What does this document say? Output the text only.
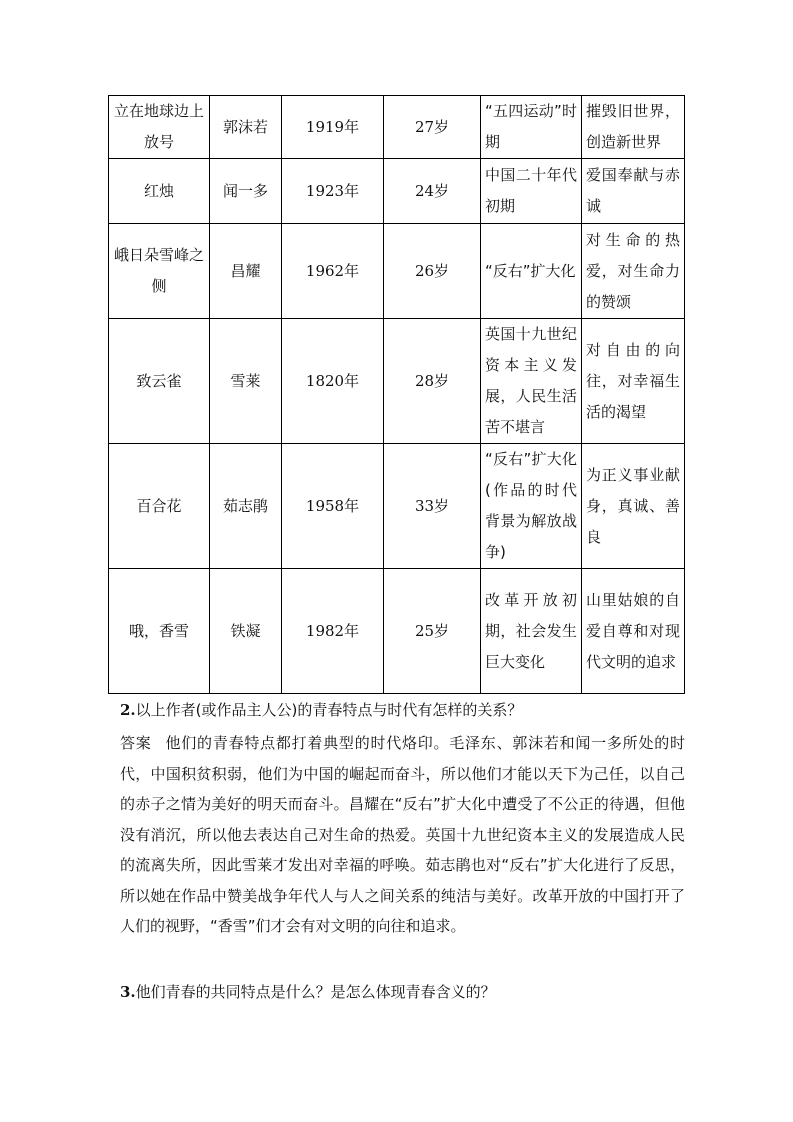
立在地球边上放号	郭沫若	1919年	27岁	“五四运动”时期	摧毁旧世界，创造新世界
红烛	闻一多	1923年	24岁	中国二十年代初期	爱国奉献与赤诚
峨日朵雪峰之侧	昌耀	1962年	26岁	“反右”扩大化	对生命的热爱，对生命力的赞颂
致云雀	雪莱	1820年	28岁	英国十九世纪资本主义发展，人民生活苦不堪言	对自由的向往，对幸福生活的渴望
百合花	茹志鹃	1958年	33岁	“反右”扩大化(作品的时代背景为解放战争)	为正义事业献身，真诚、善良
哦，香雪	铁凝	1982年	25岁	改革开放初期，社会发生巨大变化	山里姑娘的自爱自尊和对现代文明的追求
2.以上作者(或作品主人公)的青春特点与时代有怎样的关系？
答案 他们的青春特点都打着典型的时代烙印。毛泽东、郭沫若和闻一多所处的时代，中国积贫积弱，他们为中国的崛起而奋斗，所以他们才能以天下为己任，以自己的赤子之情为美好的明天而奋斗。昌耀在“反右”扩大化中遭受了不公正的待遇，但他没有消沉，所以他去表达自己对生命的热爱。英国十九世纪资本主义的发展造成人民的流离失所，因此雪莱才发出对幸福的呼唤。茹志鹃也对“反右”扩大化进行了反思，所以她在作品中赞美战争年代人与人之间关系的纯洁与美好。改革开放的中国打开了人们的视野，“香雪”们才会有对文明的向往和追求。
3.他们青春的共同特点是什么？是怎么体现青春含义的？
